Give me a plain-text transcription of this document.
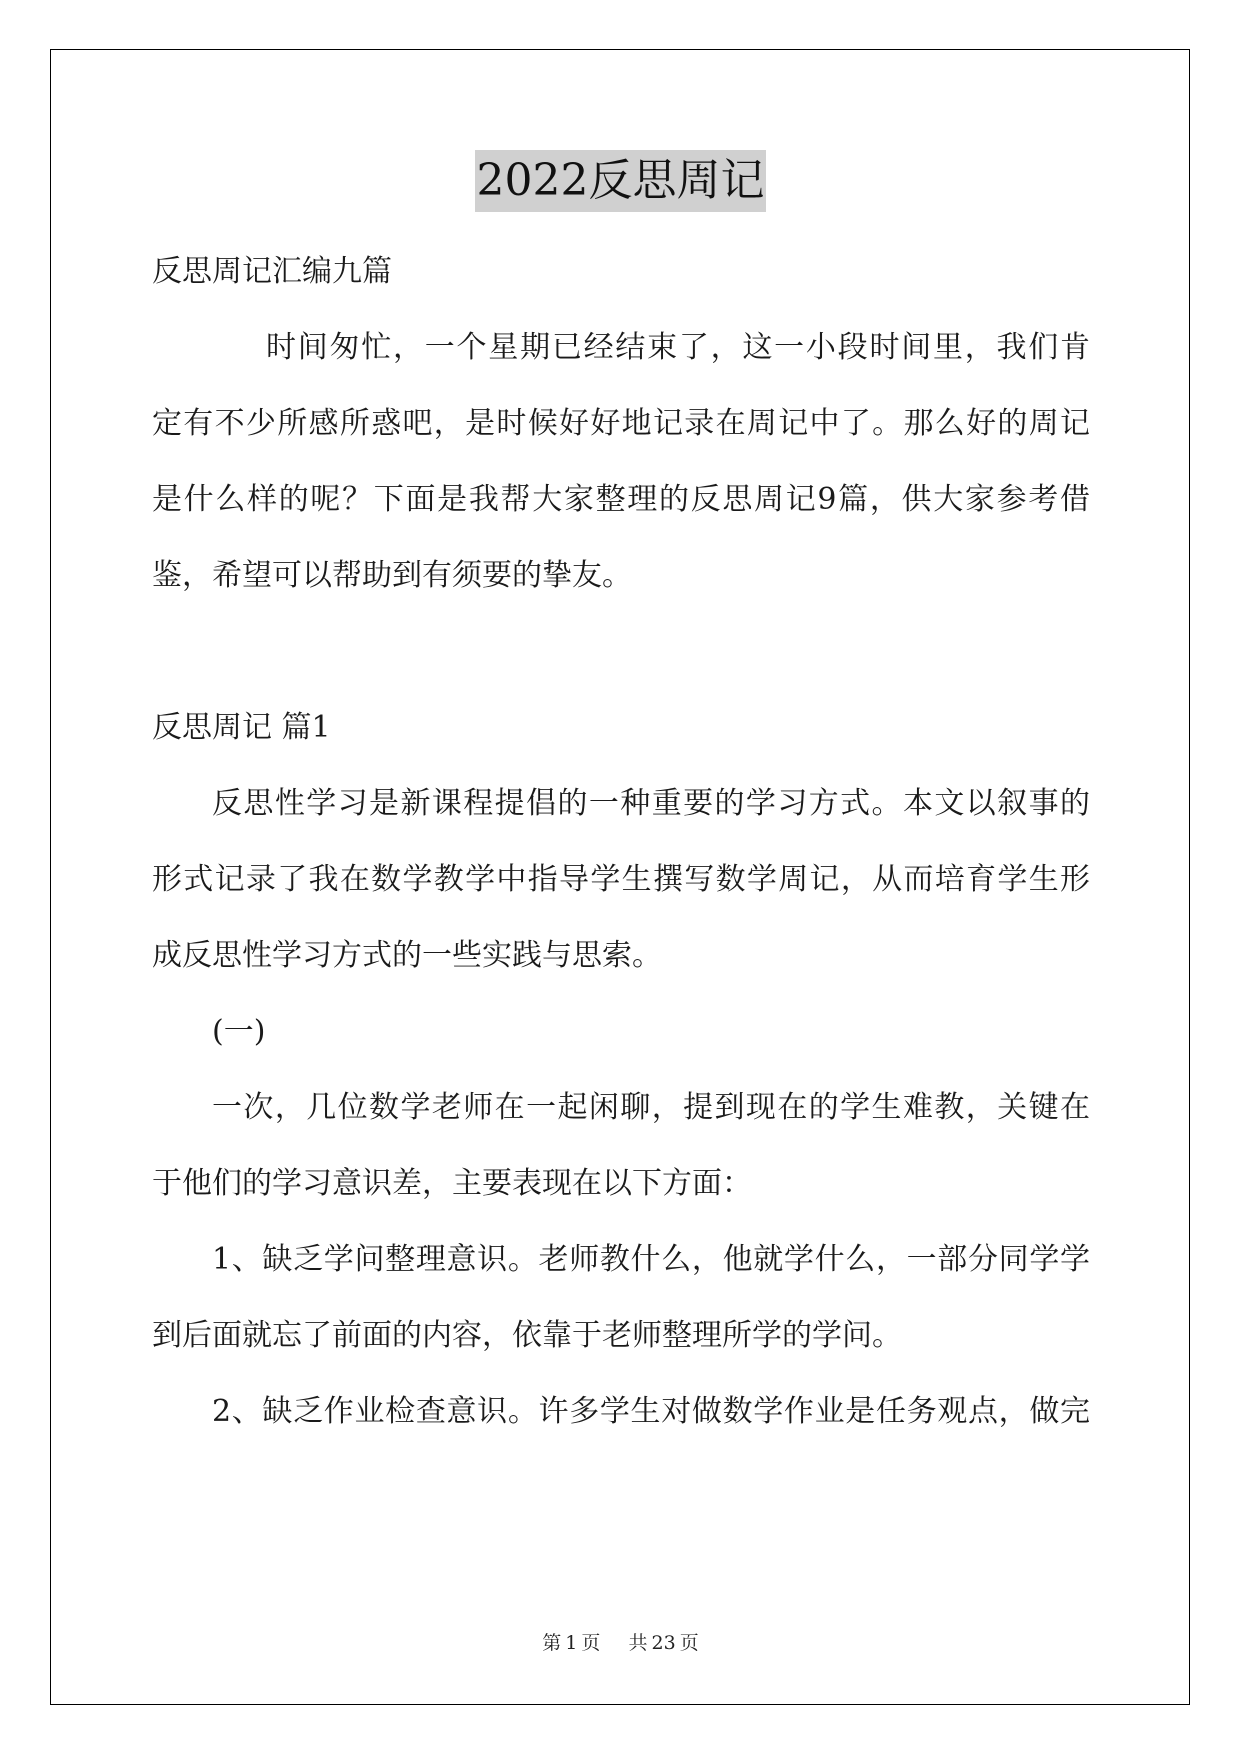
2022反思周记
反思周记汇编九篇
时间匆忙，一个星期已经结束了，这一小段时间里，我们肯
定有不少所感所惑吧，是时候好好地记录在周记中了。那么好的周记
是什么样的呢？下面是我帮大家整理的反思周记9篇，供大家参考借
鉴，希望可以帮助到有须要的挚友。
反思周记 篇1
反思性学习是新课程提倡的一种重要的学习方式。本文以叙事的
形式记录了我在数学教学中指导学生撰写数学周记，从而培育学生形
成反思性学习方式的一些实践与思索。
(一)
一次，几位数学老师在一起闲聊，提到现在的学生难教，关键在
于他们的学习意识差，主要表现在以下方面：
1、缺乏学问整理意识。老师教什么，他就学什么，一部分同学学
到后面就忘了前面的内容，依靠于老师整理所学的学问。
2、缺乏作业检查意识。许多学生对做数学作业是任务观点，做完
第 1 页 共 23 页
